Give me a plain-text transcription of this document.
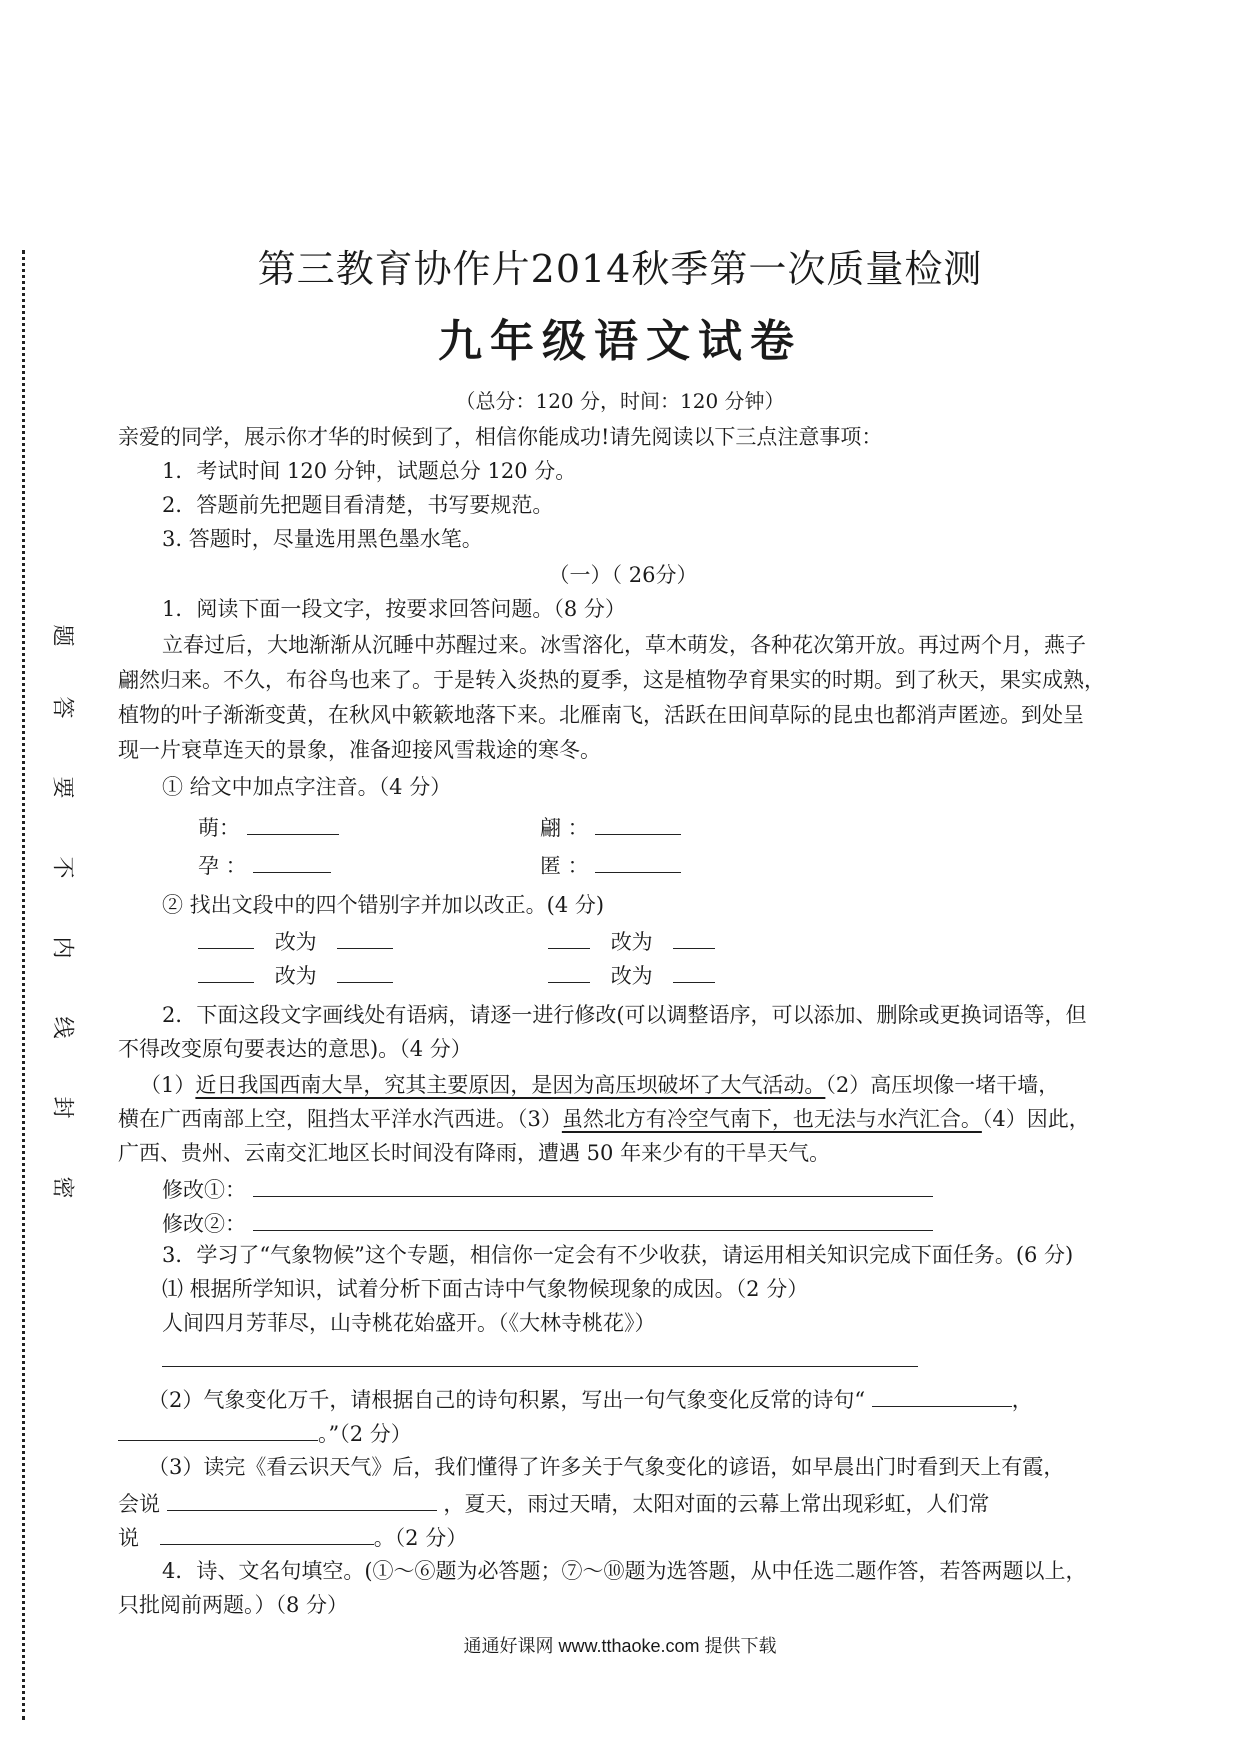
题
答
要
不
内
线
封
密
第三教育协作片2014秋季第一次质量检测
九年级语文试卷
（总分：120 分，时间：120 分钟）
亲爱的同学，展示你才华的时候到了，相信你能成功!请先阅读以下三点注意事项：
1．考试时间 120 分钟，试题总分 120 分。
2．答题前先把题目看清楚，书写要规范。
3. 答题时，尽量选用黑色墨水笔。
（一）（ 26分）
1．阅读下面一段文字，按要求回答问题。（8 分）
立春过后，大地渐渐从沉睡中苏醒过来。冰雪溶化，草木萌发，各种花次第开放。再过两个月，燕子
翩然归来。不久，布谷鸟也来了。于是转入炎热的夏季，这是植物孕育果实的时期。到了秋天，果实成熟，
植物的叶子渐渐变黄，在秋风中簌簌地落下来。北雁南飞，活跃在田间草际的昆虫也都消声匿迹。到处呈
现一片衰草连天的景象，准备迎接风雪栽途的寒冬。
① 给文中加点字注音。（4 分）
萌：	翩 ：
孕 ：	匿 ：
② 找出文段中的四个错别字并加以改正。(4 分)
改为	改为
改为	改为
2．下面这段文字画线处有语病，请逐一进行修改(可以调整语序，可以添加、删除或更换词语等，但
不得改变原句要表达的意思)。（4 分）
（1）近日我国西南大旱，究其主要原因，是因为高压坝破坏了大气活动。（2）高压坝像一堵干墙，
横在广西南部上空，阻挡太平洋水汽西进。（3）虽然北方有冷空气南下，也无法与水汽汇合。（4）因此，
广西、贵州、云南交汇地区长时间没有降雨，遭遇 50 年来少有的干旱天气。
修改①：
修改②：
3．学习了“气象物候”这个专题，相信你一定会有不少收获，请运用相关知识完成下面任务。(6 分)
⑴ 根据所学知识，试着分析下面古诗中气象物候现象的成因。（2 分）
人间四月芳菲尽，山寺桃花始盛开。（《大林寺桃花》）
（2）气象变化万千，请根据自己的诗句积累，写出一句气象变化反常的诗句“	，
。”（2 分）
（3）读完《看云识天气》后，我们懂得了许多关于气象变化的谚语，如早晨出门时看到天上有霞，
会说	，夏天，雨过天晴，太阳对面的云幕上常出现彩虹，人们常
说	。（2 分）
4．诗、文名句填空。(①～⑥题为必答题；⑦～⑩题为选答题，从中任选二题作答，若答两题以上，
只批阅前两题。）（8 分）
通通好课网 www.tthaoke.com 提供下载
